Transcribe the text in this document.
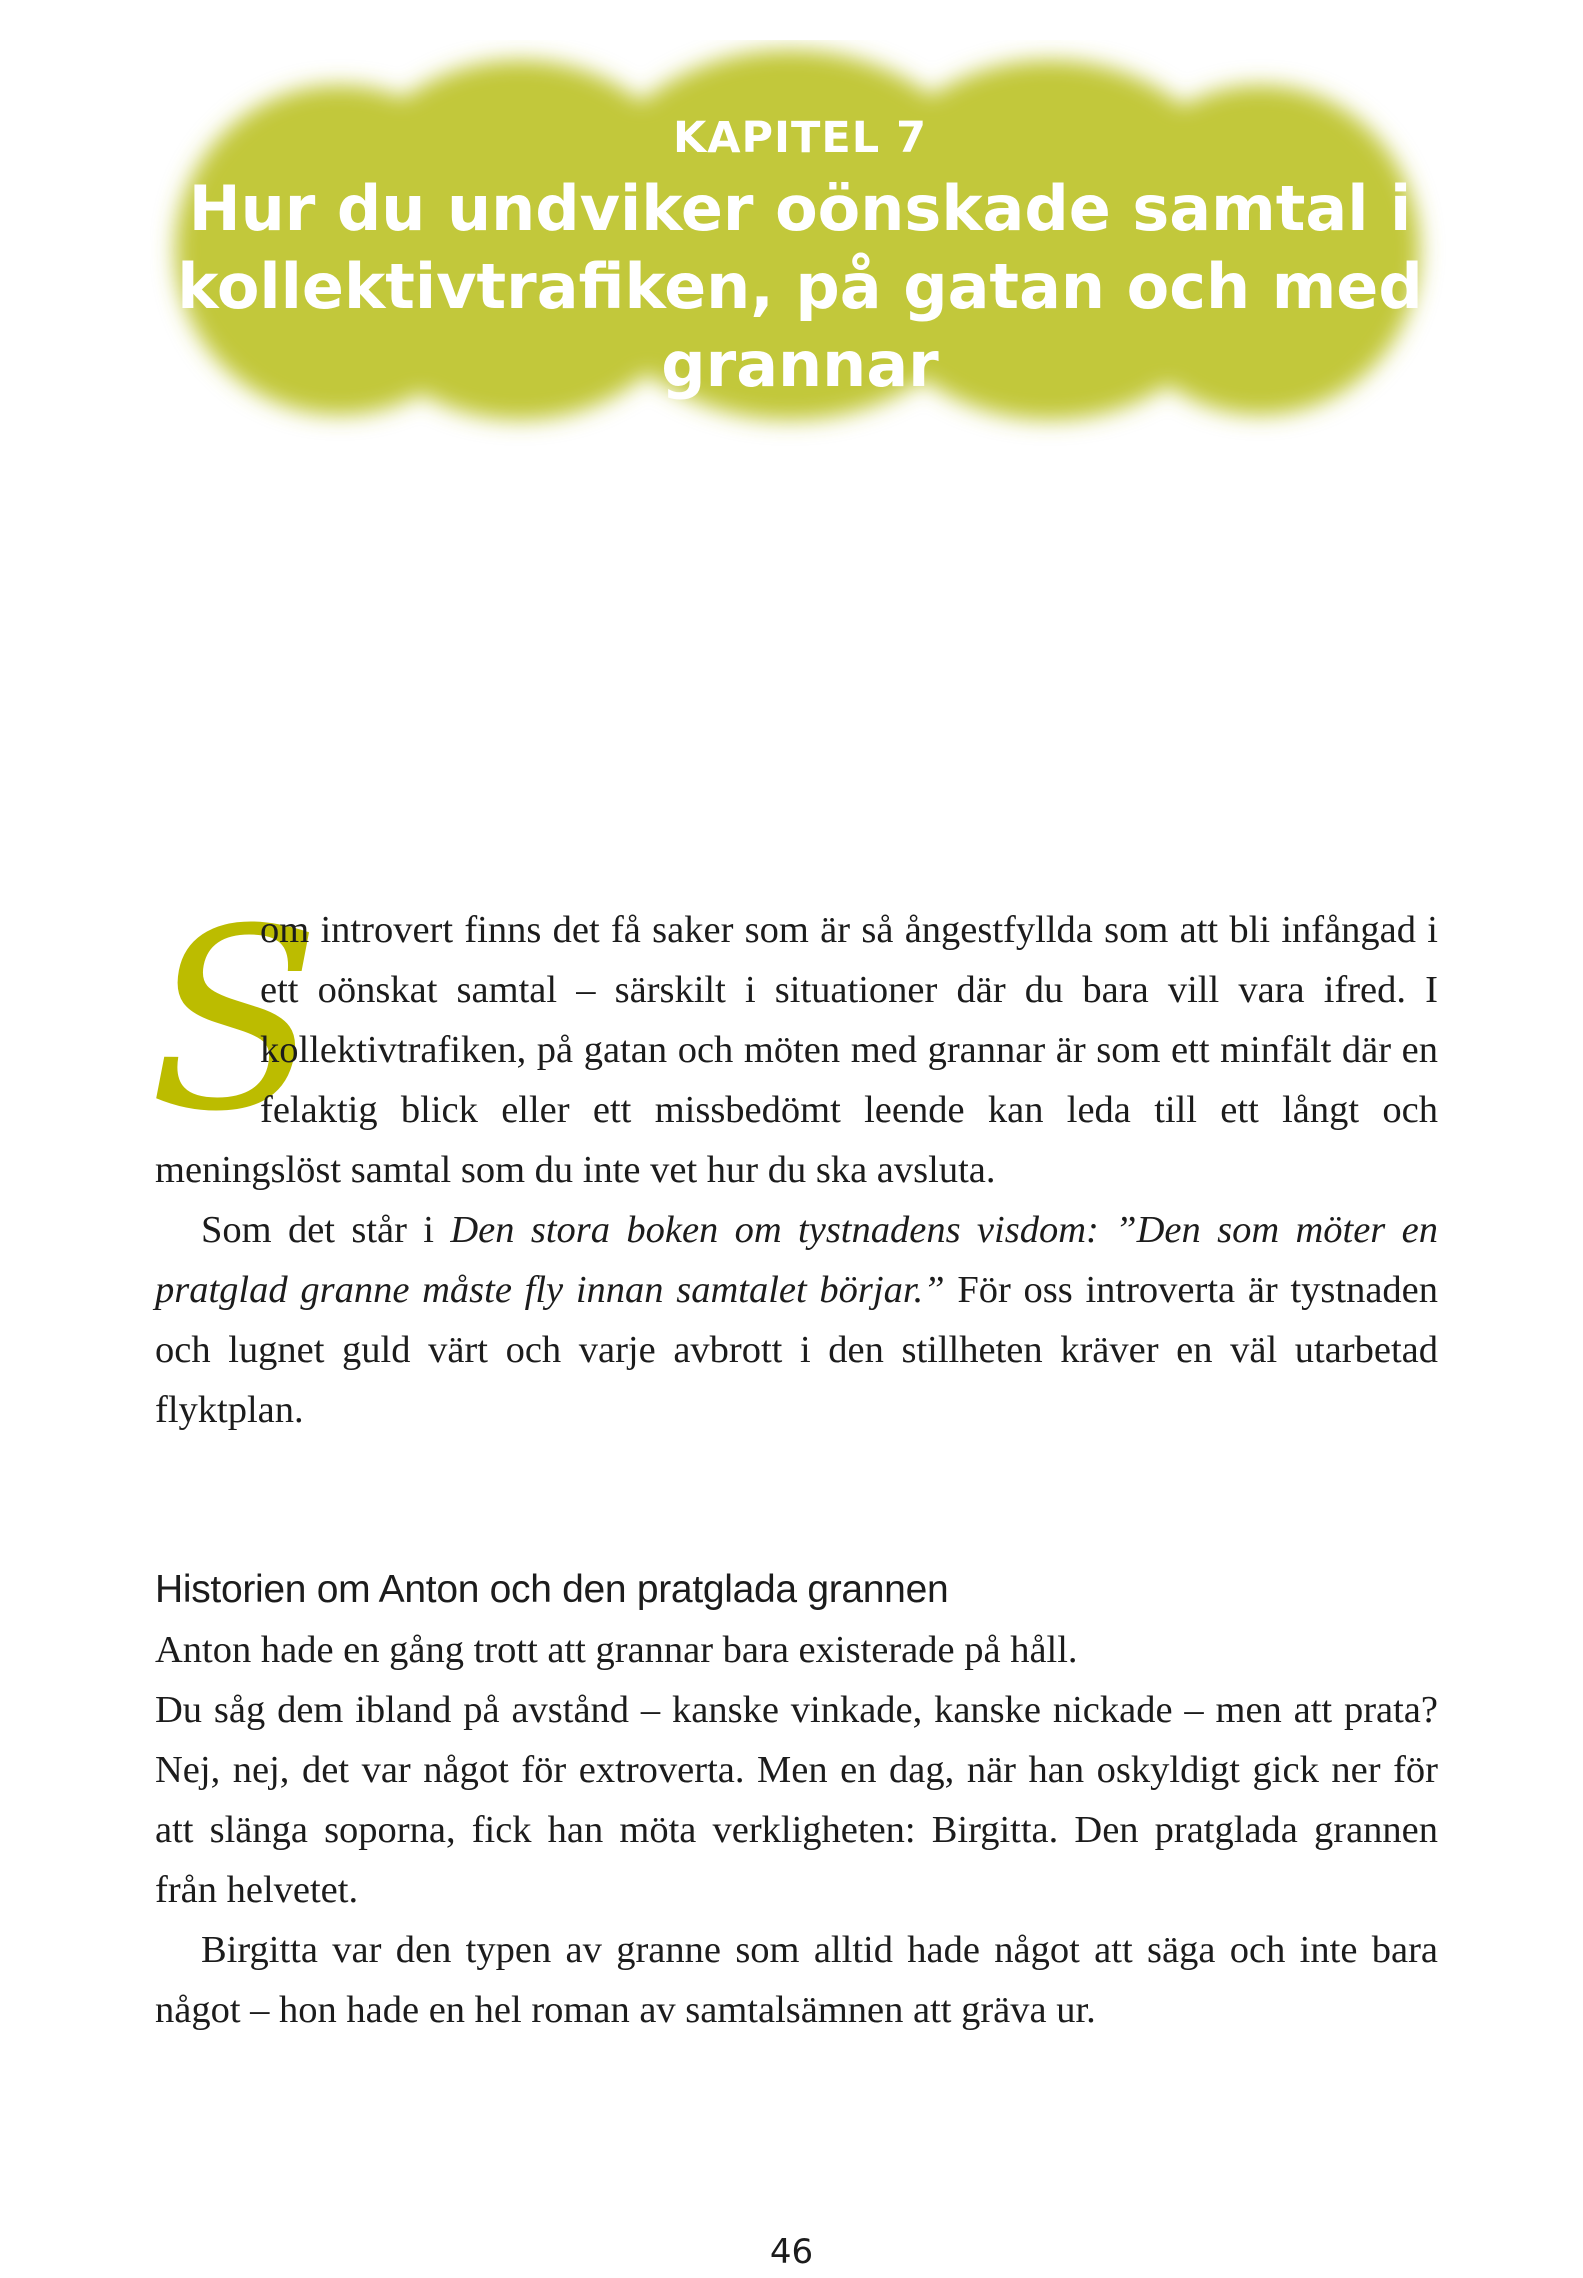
KAPITEL 7
Hur du undviker oönskade samtal i kollektivtrafiken, på gatan och med grannar

S
om introvert finns det få saker som är så ångestfyllda som att bli infångad i ett oönskat samtal – särskilt i situationer där du bara vill vara ifred. I kollektivtrafiken, på gatan och möten med grannar är som ett minfält där en felaktig blick eller ett missbedömt leende kan leda till ett långt och meningslöst samtal som du inte vet hur du ska avsluta.

Som det står i Den stora boken om tystnadens visdom: ”Den som möter en pratglad granne måste fly innan samtalet börjar.” För oss introverta är tystnaden och lugnet guld värt och varje avbrott i den stillheten kräver en väl utarbetad flyktplan.

Historien om Anton och den pratglada grannen

Anton hade en gång trott att grannar bara existerade på håll.

Du såg dem ibland på avstånd – kanske vinkade, kanske nickade – men att prata? Nej, nej, det var något för extroverta. Men en dag, när han oskyldigt gick ner för att slänga soporna, fick han möta verkligheten: Birgitta. Den pratglada grannen från helvetet.

Birgitta var den typen av granne som alltid hade något att säga och inte bara något – hon hade en hel roman av samtalsämnen att gräva ur.

46
